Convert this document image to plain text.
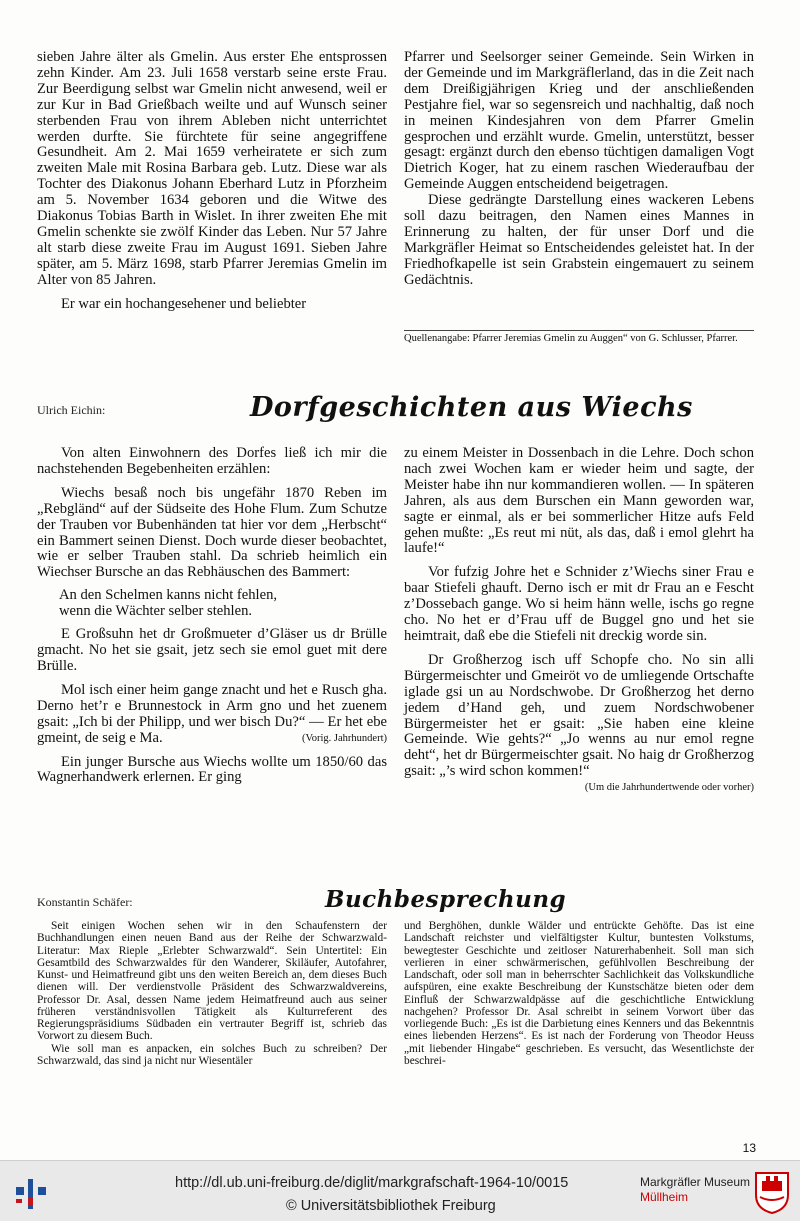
sieben Jahre älter als Gmelin. Aus erster Ehe entsprossen zehn Kinder. Am 23. Juli 1658 verstarb seine erste Frau. Zur Beerdigung selbst war Gmelin nicht anwesend, weil er zur Kur in Bad Grießbach weilte und auf Wunsch seiner sterbenden Frau von ihrem Ableben nicht unterrichtet werden durfte. Sie fürchtete für seine angegriffene Gesundheit. Am 2. Mai 1659 verheiratete er sich zum zweiten Male mit Rosina Barbara geb. Lutz. Diese war als Tochter des Diakonus Johann Eberhard Lutz in Pforzheim am 5. November 1634 geboren und die Witwe des Diakonus Tobias Barth in Wislet. In ihrer zweiten Ehe mit Gmelin schenkte sie zwölf Kinder das Leben. Nur 57 Jahre alt starb diese zweite Frau im August 1691. Sieben Jahre später, am 5. März 1698, starb Pfarrer Jeremias Gmelin im Alter von 85 Jahren.

Er war ein hochangesehener und beliebter

Pfarrer und Seelsorger seiner Gemeinde. Sein Wirken in der Gemeinde und im Markgräflerland, das in die Zeit nach dem Dreißigjährigen Krieg und der anschließenden Pestjahre fiel, war so segensreich und nachhaltig, daß noch in meinen Kindesjahren von dem Pfarrer Gmelin gesprochen und erzählt wurde. Gmelin, unterstützt, besser gesagt: ergänzt durch den ebenso tüchtigen damaligen Vogt Dietrich Koger, hat zu einem raschen Wiederaufbau der Gemeinde Auggen entscheidend beigetragen.

Diese gedrängte Darstellung eines wackeren Lebens soll dazu beitragen, den Namen eines Mannes in Erinnerung zu halten, der für unser Dorf und die Markgräfler Heimat so Entscheidendes geleistet hat. In der Friedhofkapelle ist sein Grabstein eingemauert zu seinem Gedächtnis.

Quellenangabe: Pfarrer Jeremias Gmelin zu Auggen“ von G. Schlusser, Pfarrer.
Ulrich Eichin:	Dorfgeschichten aus Wiechs

Von alten Einwohnern des Dorfes ließ ich mir die nachstehenden Begebenheiten erzählen:

Wiechs besaß noch bis ungefähr 1870 Reben im „Rebgländ“ auf der Südseite des Hohe Flum. Zum Schutze der Trauben vor Bubenhänden tat hier vor dem „Herbscht“ ein Bammert seinen Dienst. Doch wurde dieser beobachtet, wie er selber Trauben stahl. Da schrieb heimlich ein Wiechser Bursche an das Rebhäuschen des Bammert:

An den Schelmen kanns nicht fehlen,
wenn die Wächter selber stehlen.

E Großsuhn het dr Großmueter d’Gläser us dr Brülle gmacht. No het sie gsait, jetz sech sie emol guet mit dere Brülle.

Mol isch einer heim gange znacht und het e Rusch gha. Derno het’r e Brunnestock in Arm gno und het zuenem gsait: „Ich bi der Philipp, und wer bisch Du?“ — Er het ebe gmeint, de seig e Ma.	(Vorig. Jahrhundert)

Ein junger Bursche aus Wiechs wollte um 1850/60 das Wagnerhandwerk erlernen. Er ging

zu einem Meister in Dossenbach in die Lehre. Doch schon nach zwei Wochen kam er wieder heim und sagte, der Meister habe ihn nur kommandieren wollen. — In späteren Jahren, als aus dem Burschen ein Mann geworden war, sagte er einmal, als er bei sommerlicher Hitze aufs Feld gehen mußte: „Es reut mi nüt, als das, daß i emol glehrt ha laufe!“

Vor fufzig Johre het e Schnider z’Wiechs siner Frau e baar Stiefeli ghauft. Derno isch er mit dr Frau an e Fescht z’Dossebach gange. Wo si heim hänn welle, ischs go regne cho. No het er d’Frau uff de Buggel gno und het sie heimtrait, daß ebe die Stiefeli nit dreckig worde sin.

Dr Großherzog isch uff Schopfe cho. No sin alli Bürgermeischter und Gmeiröt vo de umliegende Ortschafte iglade gsi un au Nordschwobe. Dr Großherzog het derno jedem d’Hand geh, und zuem Nordschwobener Bürgermeister het er gsait: „Sie haben eine kleine Gemeinde. Wie gehts?“ „Jo wenns au nur emol regne deht“, het dr Bürgermeischter gsait. No haig dr Großherzog gsait: „’s wird schon kommen!“

(Um die Jahrhundertwende oder vorher)

Konstantin Schäfer:	Buchbesprechung

Seit einigen Wochen sehen wir in den Schaufenstern der Buchhandlungen einen neuen Band aus der Reihe der Schwarzwald-Literatur: Max Rieple „Erlebter Schwarzwald“. Sein Untertitel: Ein Gesamtbild des Schwarzwaldes für den Wanderer, Skiläufer, Autofahrer, Kunst- und Heimatfreund gibt uns den weiten Bereich an, dem dieses Buch dienen will. Der verdienstvolle Präsident des Schwarzwaldvereins, Professor Dr. Asal, dessen Name jedem Heimatfreund auch aus seiner früheren verständnisvollen Tätigkeit als Kulturreferent des Regierungspräsidiums Südbaden ein vertrauter Begriff ist, schrieb das Vorwort zu diesem Buch.

Wie soll man es anpacken, ein solches Buch zu schreiben? Der Schwarzwald, das sind ja nicht nur Wiesentäler

und Berghöhen, dunkle Wälder und entrückte Gehöfte. Das ist eine Landschaft reichster und vielfältigster Kultur, buntesten Volkstums, bewegtester Geschichte und zeitloser Naturerhabenheit. Soll man sich verlieren in einer schwärmerischen, gefühlvollen Beschreibung der Landschaft, oder soll man in beherrschter Sachlichkeit das Volkskundliche aufspüren, eine exakte Beschreibung der Kunstschätze bieten oder dem Einfluß der Schwarzwaldpässe auf die geschichtliche Entwicklung nachgehen? Professor Dr. Asal schreibt in seinem Vorwort über das vorliegende Buch: „Es ist die Darbietung eines Kenners und das Bekenntnis eines liebenden Herzens“. Es ist nach der Forderung von Theodor Heuss „mit liebender Hingabe“ geschrieben. Es versucht, das Wesentlichste der beschrei-

13
http://dl.ub.uni-freiburg.de/diglit/markgrafschaft-1964-10/0015
© Universitätsbibliothek Freiburg
Markgräfler Museum
Müllheim
